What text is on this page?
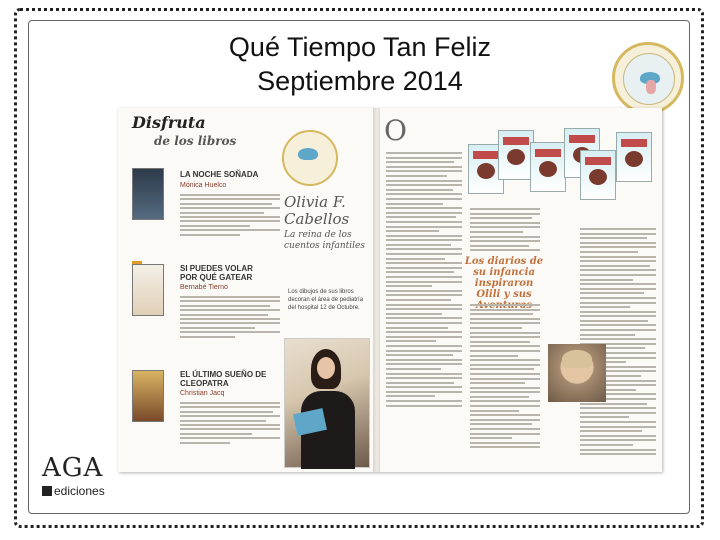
Qué Tiempo Tan Feliz
Septiembre 2014
Disfruta
de los libros
LA NOCHE SOÑADA
Mónica Huelco
SI PUEDES VOLAR POR QUÉ GATEAR
Bernabé Tierno
EL ÚLTIMO SUEÑO DE CLEOPATRA
Christian Jacq
Olivia F. Cabellos
La reina de los cuentos infantiles
Los dibujos de sus libros decoran el área de pediatría del hospital 12 de Octubre.
O
Los diarios de su infancia inspiraron Olili y sus
AGA
ediciones
